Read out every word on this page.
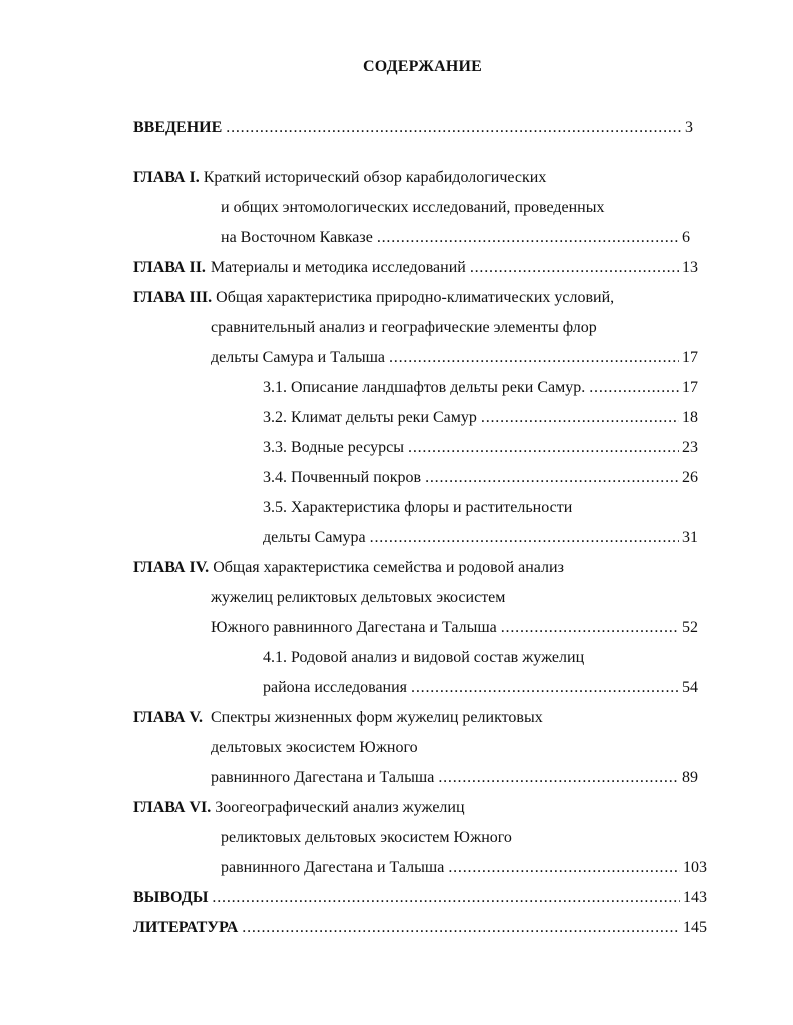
СОДЕРЖАНИЕ
ВВЕДЕНИЕ .....	3
ГЛАВА I. Краткий исторический обзор карабидологических
и общих энтомологических исследований, проведенных
на Восточном Кавказе .....	6
ГЛАВА II. Материалы и методика исследований .....	13
ГЛАВА III. Общая характеристика природно-климатических условий,
сравнительный анализ и географические элементы флор
дельты Самура и Талыша .....	17
3.1. Описание ландшафтов дельты реки Самур. .....	17
3.2. Климат дельты реки Самур .....	18
3.3. Водные ресурсы .....	23
3.4. Почвенный покров .....	26
3.5. Характеристика флоры и растительности
дельты Самура .....	31
ГЛАВА IV. Общая характеристика семейства и родовой анализ
жужелиц реликтовых дельтовых экосистем
Южного равнинного Дагестана и Талыша .....	52
4.1. Родовой анализ и видовой состав жужелиц
района исследования .....	54
ГЛАВА V. Спектры жизненных форм жужелиц реликтовых
дельтовых экосистем Южного
равнинного Дагестана и Талыша .....	89
ГЛАВА VI. Зоогеографический анализ жужелиц
реликтовых дельтовых экосистем Южного
равнинного Дагестана и Талыша .....	103
ВЫВОДЫ .....	143
ЛИТЕРАТУРА .....	145
